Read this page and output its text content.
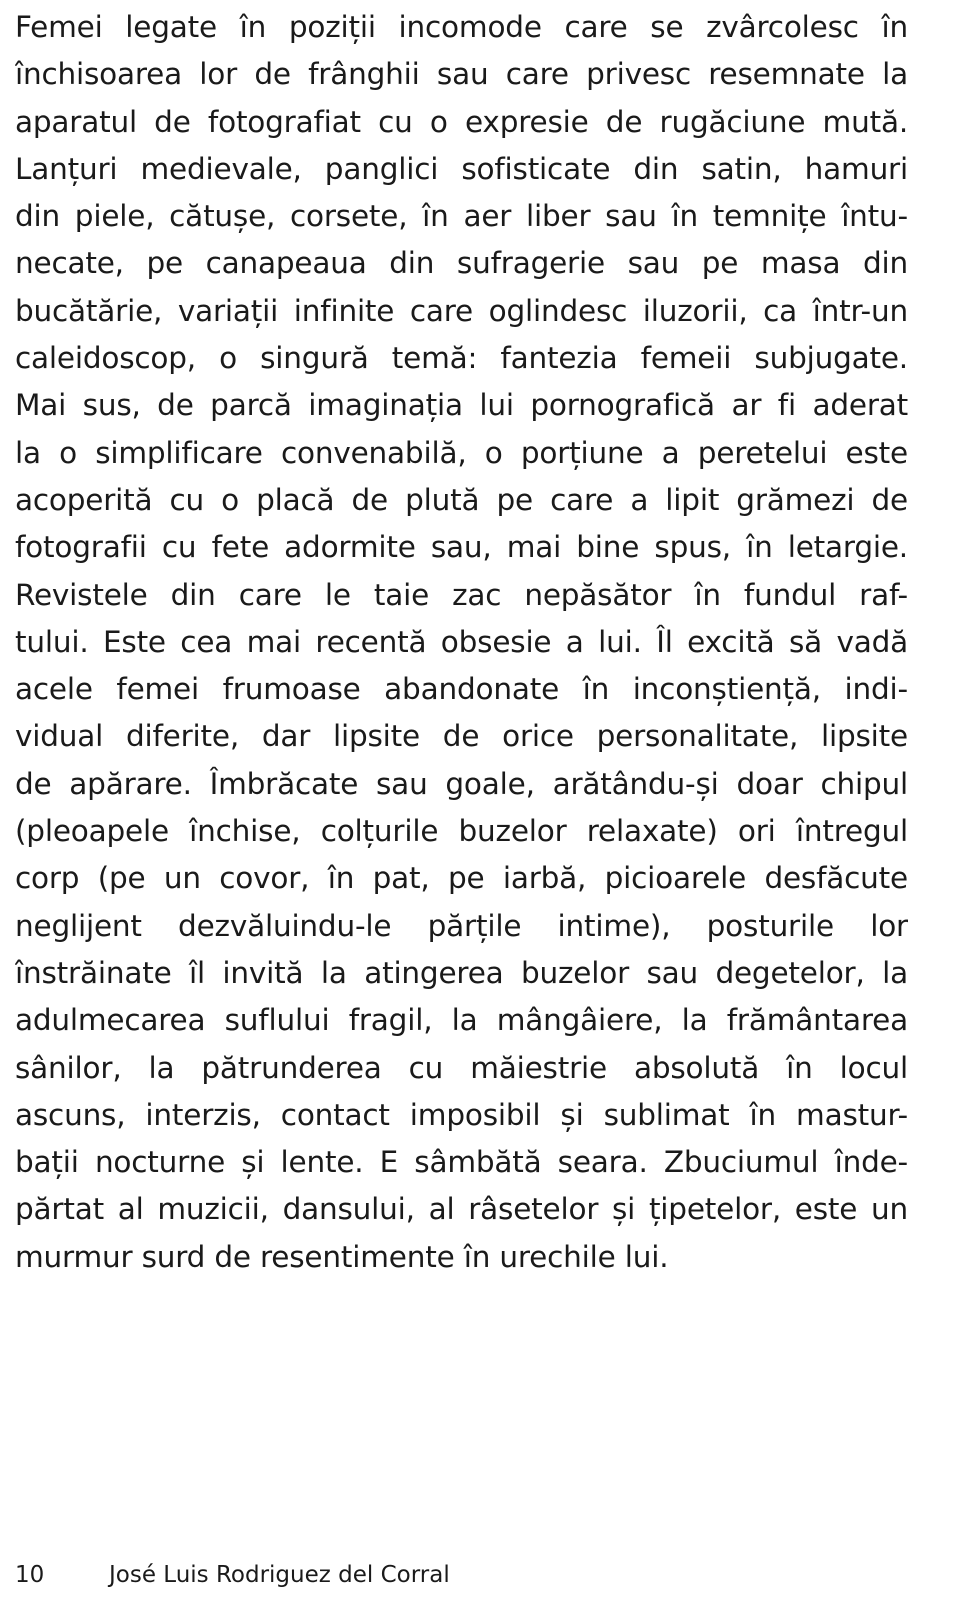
Femei legate în poziții incomode care se zvârcolesc în
închisoarea lor de frânghii sau care privesc resemnate la
aparatul de fotografiat cu o expresie de rugăciune mută.
Lanțuri medievale, panglici sofisticate din satin, hamuri
din piele, cătușe, corsete, în aer liber sau în temnițe întu-
necate, pe canapeaua din sufragerie sau pe masa din
bucătărie, variații infinite care oglindesc iluzorii, ca într-un
caleidoscop, o singură temă: fantezia femeii subjugate.
Mai sus, de parcă imaginația lui pornografică ar fi aderat
la o simplificare convenabilă, o porțiune a peretelui este
acoperită cu o placă de plută pe care a lipit grămezi de
fotografii cu fete adormite sau, mai bine spus, în letargie.
Revistele din care le taie zac nepăsător în fundul raf-
tului. Este cea mai recentă obsesie a lui. Îl excită să vadă
acele femei frumoase abandonate în inconștiență, indi-
vidual diferite, dar lipsite de orice personalitate, lipsite
de apărare. Îmbrăcate sau goale, arătându-și doar chipul
(pleoapele închise, colțurile buzelor relaxate) ori întregul
corp (pe un covor, în pat, pe iarbă, picioarele desfăcute
neglijent dezvăluindu-le părțile intime), posturile lor
înstrăinate îl invită la atingerea buzelor sau degetelor, la
adulmecarea suflului fragil, la mângâiere, la frământarea
sânilor, la pătrunderea cu măiestrie absolută în locul
ascuns, interzis, contact imposibil și sublimat în mastur-
bații nocturne și lente. E sâmbătă seara. Zbuciumul înde-
părtat al muzicii, dansului, al râsetelor și țipetelor, este un
murmur surd de resentimente în urechile lui.
10	José Luis Rodriguez del Corral
